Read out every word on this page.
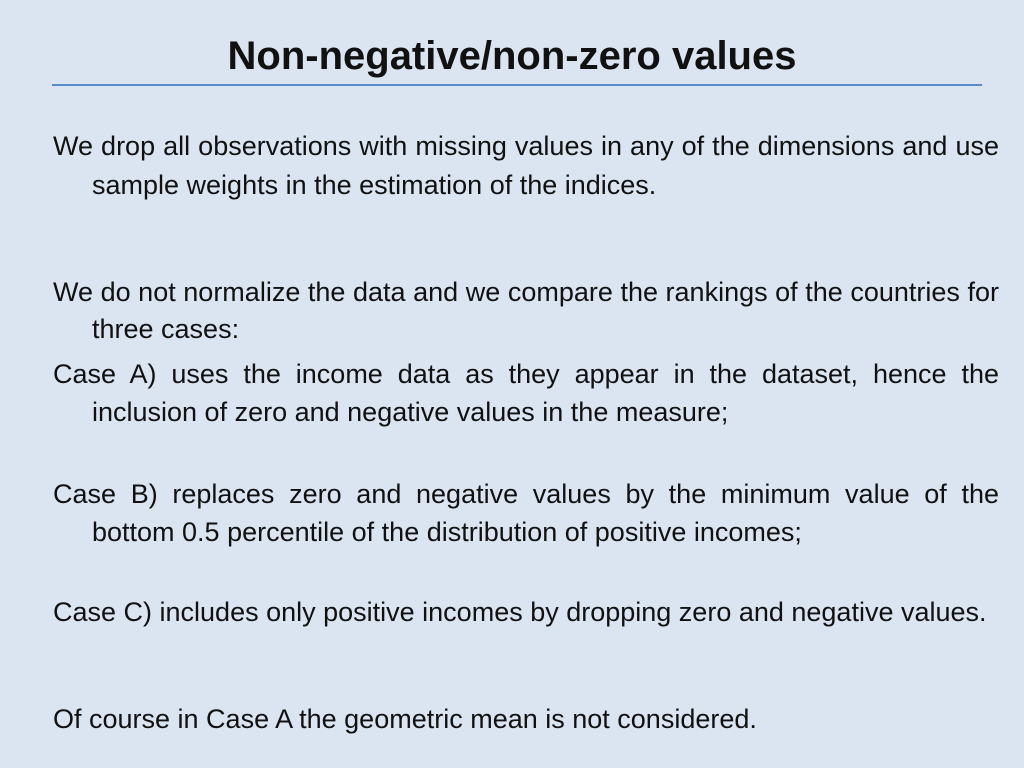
Non-negative/non-zero values
We drop all observations with missing values in any of the dimensions and use sample weights in the estimation of the indices.
We do not normalize the data and we compare the rankings of the countries for three cases:
Case A) uses the income data as they appear in the dataset, hence the inclusion of zero and negative values in the measure;
Case B) replaces zero and negative values by the minimum value of the bottom 0.5 percentile of the distribution of positive incomes;
Case C) includes only positive incomes by dropping zero and negative values.
Of course in Case A the geometric mean is not considered.
